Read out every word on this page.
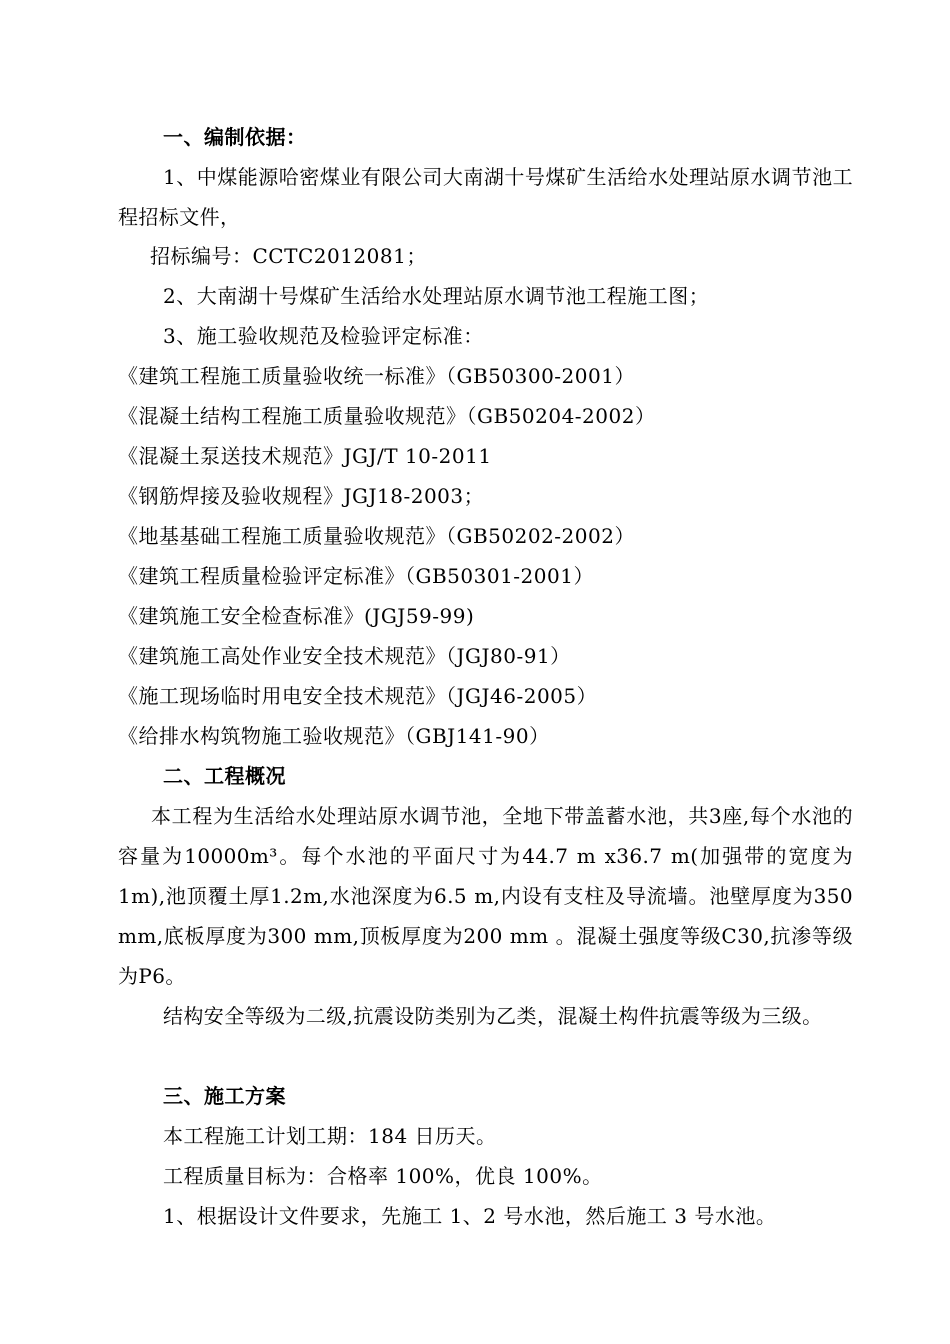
一、编制依据：
1、中煤能源哈密煤业有限公司大南湖十号煤矿生活给水处理站原水调节池工程招标文件，
招标编号：CCTC2012081；
2、大南湖十号煤矿生活给水处理站原水调节池工程施工图；
3、施工验收规范及检验评定标准：
《建筑工程施工质量验收统一标准》（GB50300-2001）
《混凝土结构工程施工质量验收规范》（GB50204-2002）
《混凝土泵送技术规范》JGJ/T 10-2011
《钢筋焊接及验收规程》JGJ18-2003；
《地基基础工程施工质量验收规范》（GB50202-2002）
《建筑工程质量检验评定标准》（GB50301-2001）
《建筑施工安全检查标准》(JGJ59-99)
《建筑施工高处作业安全技术规范》（JGJ80-91）
《施工现场临时用电安全技术规范》（JGJ46-2005）
《给排水构筑物施工验收规范》（GBJ141-90）
二、工程概况
本工程为生活给水处理站原水调节池，全地下带盖蓄水池，共3座,每个水池的容量为10000m³。每个水池的平面尺寸为44.7 m x36.7 m(加强带的宽度为1m),池顶覆土厚1.2m,水池深度为6.5 m,内设有支柱及导流墙。池壁厚度为350 mm,底板厚度为300 mm,顶板厚度为200 mm 。混凝土强度等级C30,抗渗等级为P6。
结构安全等级为二级,抗震设防类别为乙类，混凝土构件抗震等级为三级。
三、施工方案
本工程施工计划工期：184 日历天。
工程质量目标为：合格率 100%，优良 100%。
1、根据设计文件要求，先施工 1、2 号水池，然后施工 3 号水池。
